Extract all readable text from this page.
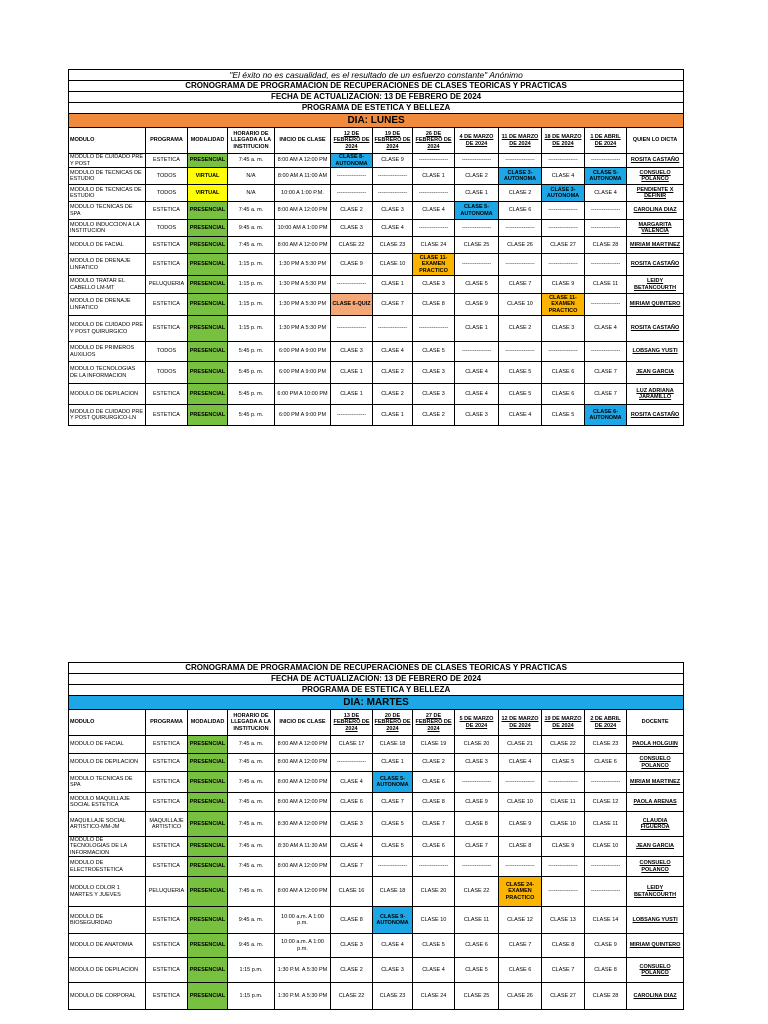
"El éxito no es casualidad, es el resultado de un esfuerzo constante" Anónimo												
CRONOGRAMA DE PROGRAMACION DE RECUPERACIONES DE CLASES TEORICAS Y PRACTICAS												
FECHA DE ACTUALIZACION: 13 DE FEBRERO DE 2024												
PROGRAMA DE ESTETICA Y BELLEZA												
DIA: LUNES												
MODULO	PROGRAMA	MODALIDAD	HORARIO DE LLEGADA A LA INSTITUCION	INICIO DE CLASE	12 DE FEBRERO DE 2024	19 DE FEBRERO DE 2024	26 DE FEBRERO DE 2024	4 DE MARZO DE 2024	11 DE MARZO DE 2024	18 DE MARZO DE 2024	1 DE ABRIL DE 2024	QUIEN LO DICTA
MODULO DE CUIDADO PRE Y POST	ESTETICA	PRESENCIAL	7:45 a. m.	8:00 AM A 12:00 PM	CLASE 8- AUTONOMA	CLASE 9	----------------	----------------	----------------	----------------	----------------	ROSITA CASTAÑO
MODULO DE TECNICAS DE ESTUDIO	TODOS	VIRTUAL	N/A	8:00 AM A 11:00 AM	----------------	----------------	CLASE 1	CLASE 2	CLASE 3- AUTONOMA	CLASE 4	CLASE 5- AUTONOMA	CONSUELO POLANCO
MODULO DE TECNICAS DE ESTUDIO	TODOS	VIRTUAL	N/A	10:00 A 1:00 P.M.	----------------	----------------	----------------	CLASE 1	CLASE 2	CLASE 3- AUTONOMA	CLASE 4	PENDIENTE X DEFINIR
MODULO TECNICAS DE SPA	ESTETICA	PRESENCIAL	7:45 a. m.	8:00 AM A 12:00 PM	CLASE 2	CLASE 3	CLASE 4	CLASE 5- AUTONOMA	CLASE 6	----------------	----------------	CAROLINA DIAZ
MODULO INDUCCION A LA INSTITUCION	TODOS	PRESENCIAL	9:45 a. m.	10:00 AM A 1:00 PM	CLASE 3	CLASE 4	----------------	----------------	----------------	----------------	----------------	MARGARITA VALENCIA
MODULO DE FACIAL	ESTETICA	PRESENCIAL	7:45 a. m.	8:00 AM A 12:00 PM	CLASE 22	CLASE 23	CLASE 24	CLASE 25	CLASE 26	CLASE 27	CLASE 28	MIRIAM MARTINEZ
MODULO DE DRENAJE LINFATICO	ESTETICA	PRESENCIAL	1:15 p. m.	1:30 PM A 5:30 PM	CLASE 9	CLASE 10	CLASE 11- EXAMEN PRACTICO	----------------	----------------	----------------	----------------	ROSITA CASTAÑO
MODULO TRATAR EL CABELLO LM-MT	PELUQUERIA	PRESENCIAL	1:15 p. m.	1:30 PM A 5:30 PM	----------------	CLASE 1	CLASE 3	CLASE 5	CLASE 7	CLASE 9	CLASE 11	LEIDY BETANCOURTH
MODULO DE DRENAJE LINFATICO	ESTETICA	PRESENCIAL	1:15 p. m.	1:30 PM A 5:30 PM	CLASE 6-QUIZ	CLASE 7	CLASE 8	CLASE 9	CLASE 10	CLASE 11- EXAMEN PRACTICO	----------------	MIRIAM QUINTERO
MODULO DE CUIDADO PRE Y POST QUIRURGICO	ESTETICA	PRESENCIAL	1:15 p. m.	1:30 PM A 5:30 PM	----------------	----------------	----------------	CLASE 1	CLASE 2	CLASE 3	CLASE 4	ROSITA CASTAÑO
MODULO DE PRIMEROS AUXILIOS	TODOS	PRESENCIAL	5:45 p. m.	6:00 PM A 9:00 PM	CLASE 3	CLASE 4	CLASE 5	----------------	----------------	----------------	----------------	LOBSANG YUSTI
MODULO TECNOLOGIAS DE LA INFORMACION	TODOS	PRESENCIAL	5:45 p. m.	6:00 PM A 9:00 PM	CLASE 1	CLASE 2	CLASE 3	CLASE 4	CLASE 5	CLASE 6	CLASE 7	JEAN GARCIA
MODULO DE DEPILACION	ESTETICA	PRESENCIAL	5:45 p. m.	6:00 PM A 10:00 PM	CLASE 1	CLASE 2	CLASE 3	CLASE 4	CLASE 5	CLASE 6	CLASE 7	LUZ ADRIANA JARAMILLO
MODULO DE CUIDADO PRE Y POST QUIRURGICO-LN	ESTETICA	PRESENCIAL	5:45 p. m.	6:00 PM A 9:00 PM	----------------	CLASE 1	CLASE 2	CLASE 3	CLASE 4	CLASE 5	CLASE 6- AUTONOMA	ROSITA CASTAÑO
CRONOGRAMA DE PROGRAMACION DE RECUPERACIONES DE CLASES TEORICAS Y PRACTICAS												
FECHA DE ACTUALIZACION: 13 DE FEBRERO DE 2024												
PROGRAMA DE ESTETICA Y BELLEZA												
DIA: MARTES												
MODULO	PROGRAMA	MODALIDAD	HORARIO DE LLEGADA A LA INSTITUCION	INICIO DE CLASE	13 DE FEBRERO DE 2024	20 DE FEBRERO DE 2024	27 DE FEBRERO DE 2024	5 DE MARZO DE 2024	12 DE MARZO DE 2024	19 DE MARZO DE 2024	2 DE ABRIL DE 2024	DOCENTE
MODULO DE FACIAL	ESTETICA	PRESENCIAL	7:45 a. m.	8:00 AM A 12:00 PM	CLASE 17	CLASE 18	CLASE 19	CLASE 20	CLASE 21	CLASE 22	CLASE 23	PAOLA HOLGUIN
MODULO DE DEPILACION	ESTETICA	PRESENCIAL	7:45 a. m.	8:00 AM A 12:00 PM	----------------	CLASE 1	CLASE 2	CLASE 3	CLASE 4	CLASE 5	CLASE 6	CONSUELO POLANCO
MODULO TECNICAS DE SPA	ESTETICA	PRESENCIAL	7:45 a. m.	8:00 AM A 12:00 PM	CLASE 4	CLASE 5- AUTONOMA	CLASE 6	----------------	----------------	----------------	----------------	MIRIAM MARTINEZ
MODULO MAQUILLAJE SOCIAL ESTETICA	ESTETICA	PRESENCIAL	7:45 a. m.	8:00 AM A 12:00 PM	CLASE 6	CLASE 7	CLASE 8	CLASE 9	CLASE 10	CLASE 11	CLASE 12	PAOLA ARENAS
MAQUILLAJE SOCIAL ARTISTICO-MM-JM	MAQUILLAJE ARTISTICO	PRESENCIAL	7:45 a. m.	8:30 AM A 12:00 PM	CLASE 3	CLASE 5	CLASE 7	CLASE 8	CLASE 9	CLASE 10	CLASE 11	CLAUDIA FIGUEROA
MODULO DE TECNOLOGIAS DE LA INFORMACION	ESTETICA	PRESENCIAL	7:45 a. m.	8:30 AM A 11:30 AM	CLASE 4	CLASE 5	CLASE 6	CLASE 7	CLASE 8	CLASE 9	CLASE 10	JEAN GARCIA
MODULO DE ELECTROESTETICA	ESTETICA	PRESENCIAL	7:45 a. m.	8:00 AM A 12:00 PM	CLASE 7	----------------	----------------	----------------	----------------	----------------	----------------	CONSUELO POLANCO
MODULO COLOR 1 MARTES Y JUEVES	PELUQUERIA	PRESENCIAL	7:45 a. m.	8:00 AM A 12:00 PM	CLASE 16	CLASE 18	CLASE 20	CLASE 22	CLASE 24- EXAMEN PRACTICO	----------------	----------------	LEIDY BETANCOURTH
MODULO DE BIOSEGURIDAD	ESTETICA	PRESENCIAL	9:45 a. m.	10:00 a.m. A 1:00 p.m.	CLASE 8	CLASE 9- AUTONOMA	CLASE 10	CLASE 11	CLASE 12	CLASE 13	CLASE 14	LOBSANG YUSTI
MODULO DE ANATOMIA	ESTETICA	PRESENCIAL	9:45 a. m.	10:00 a.m. A 1:00 p.m.	CLASE 3	CLASE 4	CLASE 5	CLASE 6	CLASE 7	CLASE 8	CLASE 9	MIRIAM QUINTERO
MODULO DE DEPILACION	ESTETICA	PRESENCIAL	1:15 p.m.	1:30 P.M. A 5:30 PM	CLASE 2	CLASE 3	CLASE 4	CLASE 5	CLASE 6	CLASE 7	CLASE 8	CONSUELO POLANCO
MODULO DE CORPORAL	ESTETICA	PRESENCIAL	1:15 p.m.	1:30 P.M. A 5:30 PM	CLASE 22	CLASE 23	CLASE 24	CLASE 25	CLASE 26	CLASE 27	CLASE 28	CAROLINA DIAZ
